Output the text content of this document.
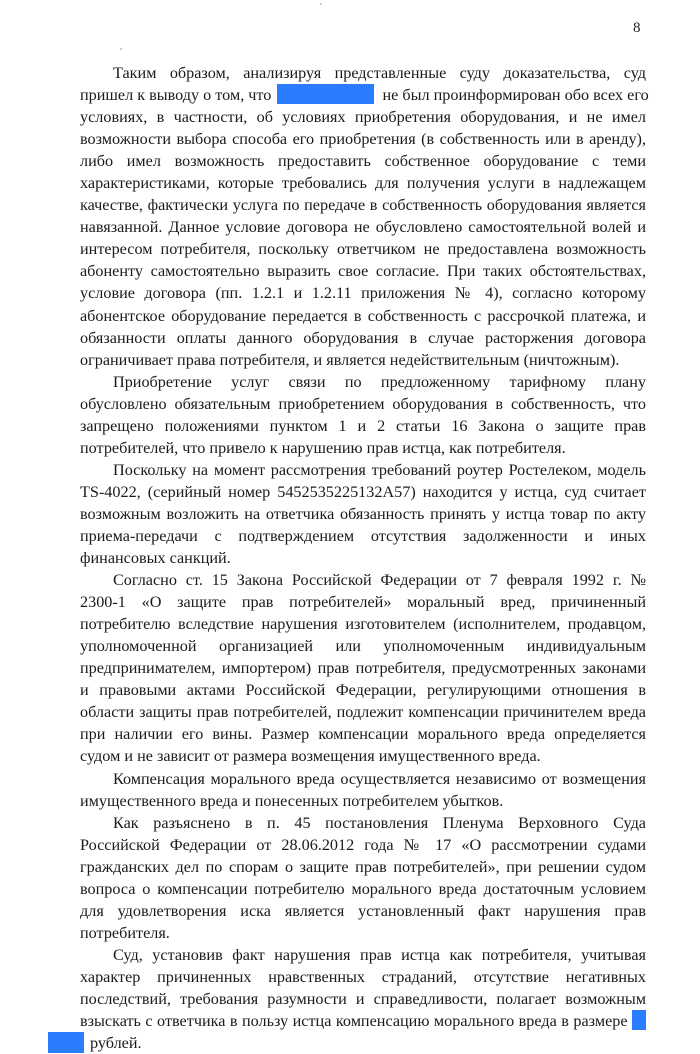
8
Таким образом, анализируя представленные суду доказательства, суд
пришел к выводу о том, что	не был проинформирован обо всех его
условиях, в частности, об условиях приобретения оборудования, и не имел
возможности выбора способа его приобретения (в собственность или в аренду),
либо имел возможность предоставить собственное оборудование с теми
характеристиками, которые требовались для получения услуги в надлежащем
качестве, фактически услуга по передаче в собственность оборудования является
навязанной. Данное условие договора не обусловлено самостоятельной волей и
интересом потребителя, поскольку ответчиком не предоставлена возможность
абоненту самостоятельно выразить свое согласие. При таких обстоятельствах,
условие договора (пп. 1.2.1 и 1.2.11 приложения № 4), согласно которому
абонентское оборудование передается в собственность с рассрочкой платежа, и
обязанности оплаты данного оборудования в случае расторжения договора
ограничивает права потребителя, и является недействительным (ничтожным).
Приобретение услуг связи по предложенному тарифному плану
обусловлено обязательным приобретением оборудования в собственность, что
запрещено положениями пунктом 1 и 2 статьи 16 Закона о защите прав
потребителей, что привело к нарушению прав истца, как потребителя.
Поскольку на момент рассмотрения требований роутер Ростелеком, модель
TS-4022, (серийный номер 5452535225132A57) находится у истца, суд считает
возможным возложить на ответчика обязанность принять у истца товар по акту
приема-передачи с подтверждением отсутствия задолженности и иных
финансовых санкций.
Согласно ст. 15 Закона Российской Федерации от 7 февраля 1992 г. №
2300-1 «О защите прав потребителей» моральный вред, причиненный
потребителю вследствие нарушения изготовителем (исполнителем, продавцом,
уполномоченной организацией или уполномоченным индивидуальным
предпринимателем, импортером) прав потребителя, предусмотренных законами
и правовыми актами Российской Федерации, регулирующими отношения в
области защиты прав потребителей, подлежит компенсации причинителем вреда
при наличии его вины. Размер компенсации морального вреда определяется
судом и не зависит от размера возмещения имущественного вреда.
Компенсация морального вреда осуществляется независимо от возмещения
имущественного вреда и понесенных потребителем убытков.
Как разъяснено в п. 45 постановления Пленума Верховного Суда
Российской Федерации от 28.06.2012 года № 17 «О рассмотрении судами
гражданских дел по спорам о защите прав потребителей», при решении судом
вопроса о компенсации потребителю морального вреда достаточным условием
для удовлетворения иска является установленный факт нарушения прав
потребителя.
Суд, установив факт нарушения прав истца как потребителя, учитывая
характер причиненных нравственных страданий, отсутствие негативных
последствий, требования разумности и справедливости, полагает возможным
взыскать с ответчика в пользу истца компенсацию морального вреда в размере
рублей.
